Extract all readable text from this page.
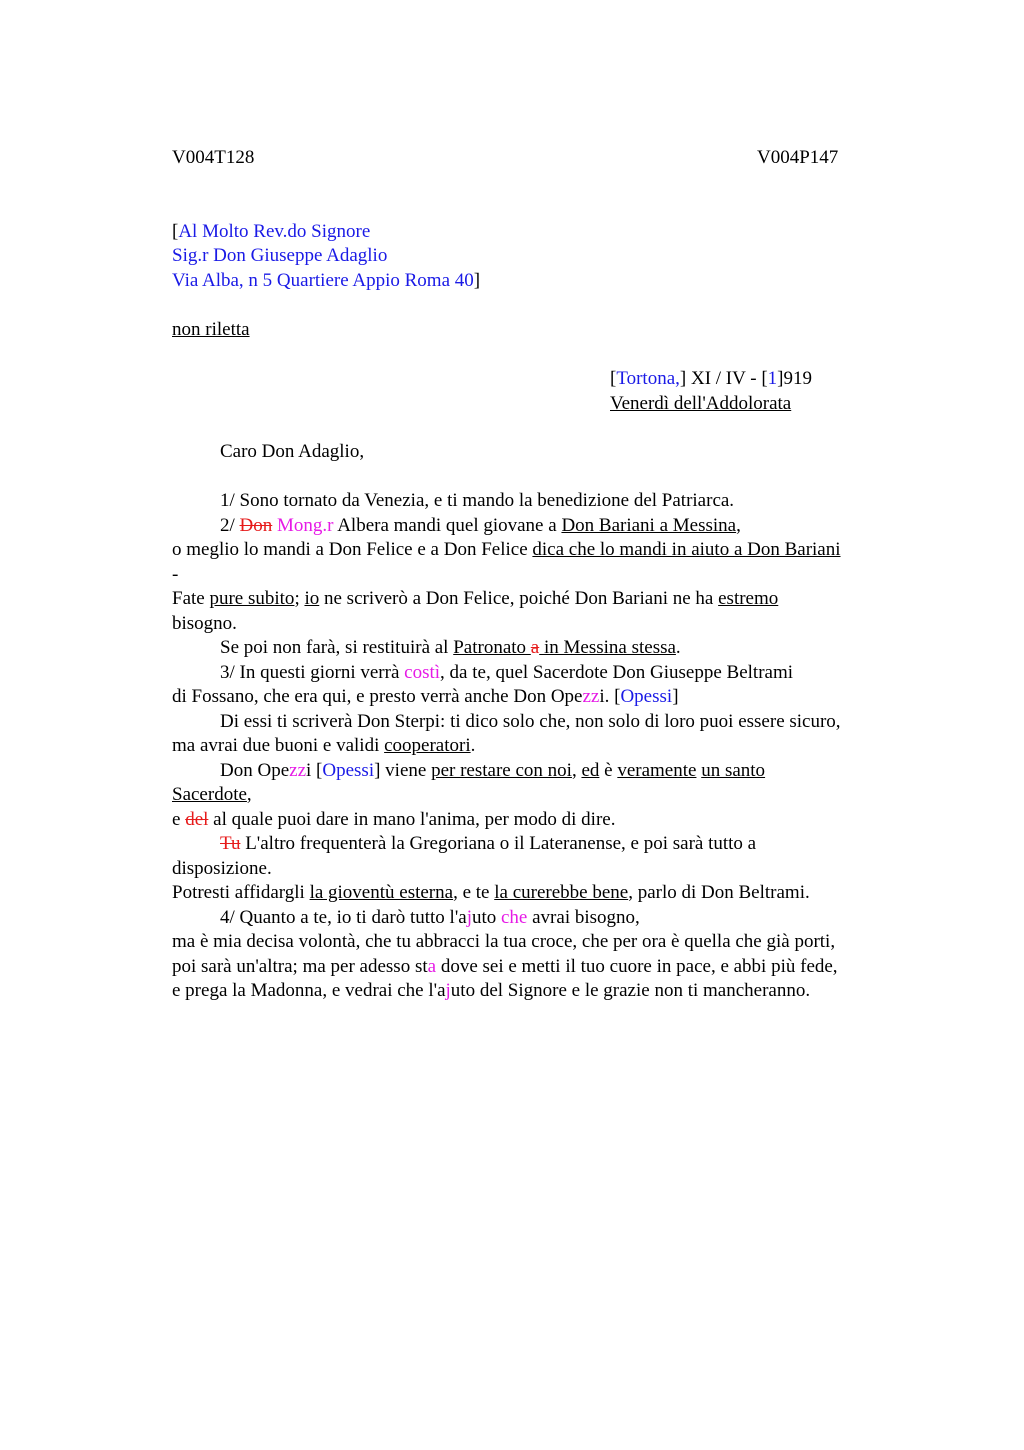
V004T128	V004P147
[Al Molto Rev.do Signore
Sig.r Don Giuseppe Adaglio
Via Alba, n 5 Quartiere Appio Roma 40]
non riletta
[Tortona,] XI / IV - [1]919
Venerdì dell'Addolorata
Caro Don Adaglio,
1/ Sono tornato da Venezia, e ti mando la benedizione del Patriarca.
2/ Don Mong.r Albera mandi quel giovane a Don Bariani a Messina,
o meglio lo mandi a Don Felice e a Don Felice dica che lo mandi in aiuto a Don Bariani
-
Fate pure subito; io ne scriverò a Don Felice, poiché Don Bariani ne ha estremo
bisogno.
Se poi non farà, si restituirà al Patronato a in Messina stessa.
3/ In questi giorni verrà costì, da te, quel Sacerdote Don Giuseppe Beltrami
di Fossano, che era qui, e presto verrà anche Don Opezzi. [Opessi]
Di essi ti scriverà Don Sterpi: ti dico solo che, non solo di loro puoi essere sicuro,
ma avrai due buoni e validi cooperatori.
Don Opezzi [Opessi] viene per restare con noi, ed è veramente un santo
Sacerdote,
e del al quale puoi dare in mano l'anima, per modo di dire.
Tu L'altro frequenterà la Gregoriana o il Lateranense, e poi sarà tutto a
disposizione.
Potresti affidargli la gioventù esterna, e te la curerebbe bene, parlo di Don Beltrami.
4/ Quanto a te, io ti darò tutto l'ajuto che avrai bisogno,
ma è mia decisa volontà, che tu abbracci la tua croce, che per ora è quella che già porti,
poi sarà un'altra; ma per adesso sta dove sei e metti il tuo cuore in pace, e abbi più fede,
e prega la Madonna, e vedrai che l'ajuto del Signore e le grazie non ti mancheranno.
